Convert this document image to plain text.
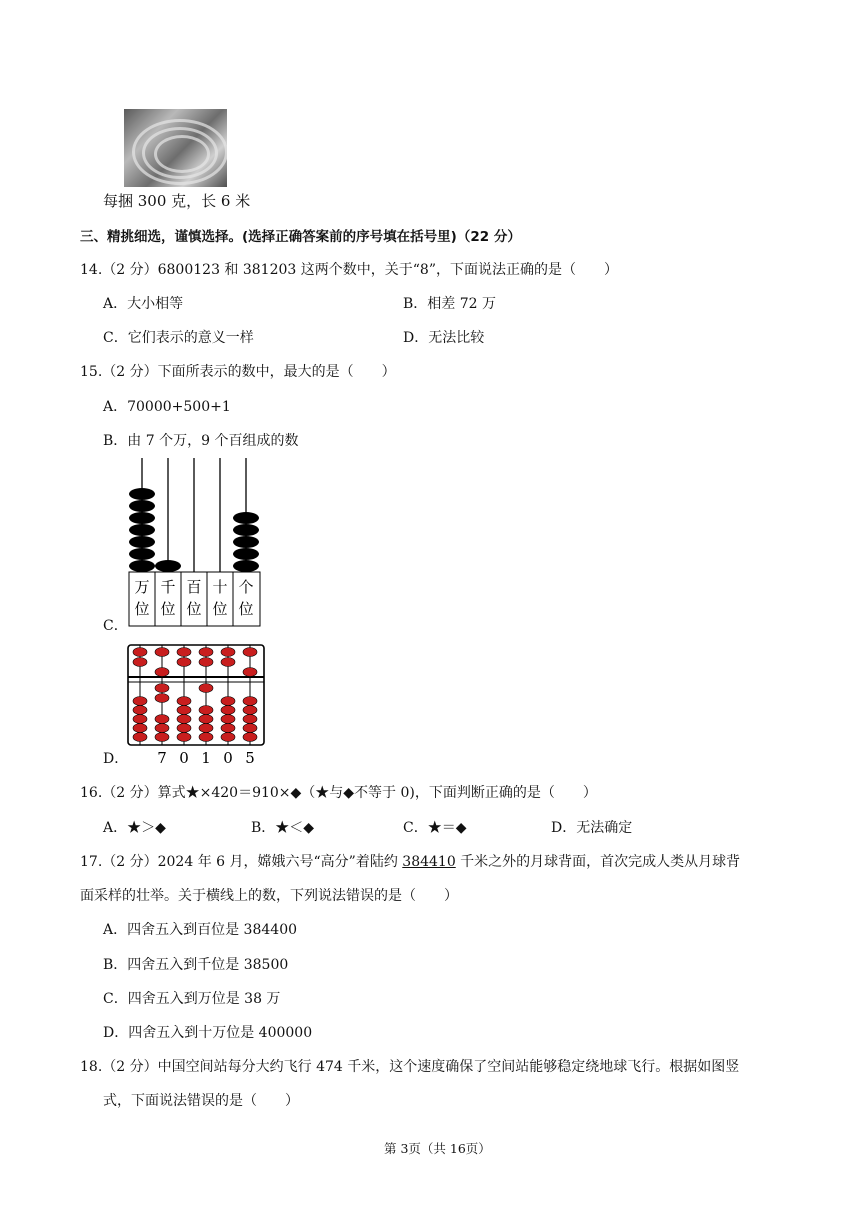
每捆 300 克，长 6 米
三、精挑细选，谨慎选择。(选择正确答案前的序号填在括号里)（22 分）
14.（2 分）6800123 和 381203 这两个数中，关于“8”，下面说法正确的是（　　）
A．大小相等	B．相差 72 万
C．它们表示的意义一样	D．无法比较
15.（2 分）下面所表示的数中，最大的是（　　）
A．70000+500+1
B．由 7 个万，9 个百组成的数
C．
万
位
千
位
百
位
十
位
个
位
D． 7 0 1 0 5
16.（2 分）算式★×420＝910×◆（★与◆不等于 0)，下面判断正确的是（　　）
A．★＞◆	B．★＜◆	C．★＝◆	D．无法确定
17.（2 分）2024 年 6 月，嫦娥六号“高分”着陆约 384410 千米之外的月球背面，首次完成人类从月球背
面采样的壮举。关于横线上的数，下列说法错误的是（　　）
A．四舍五入到百位是 384400
B．四舍五入到千位是 38500
C．四舍五入到万位是 38 万
D．四舍五入到十万位是 400000
18.（2 分）中国空间站每分大约飞行 474 千米，这个速度确保了空间站能够稳定绕地球飞行。根据如图竖
式，下面说法错误的是（　　）
第 3页（共 16页）
